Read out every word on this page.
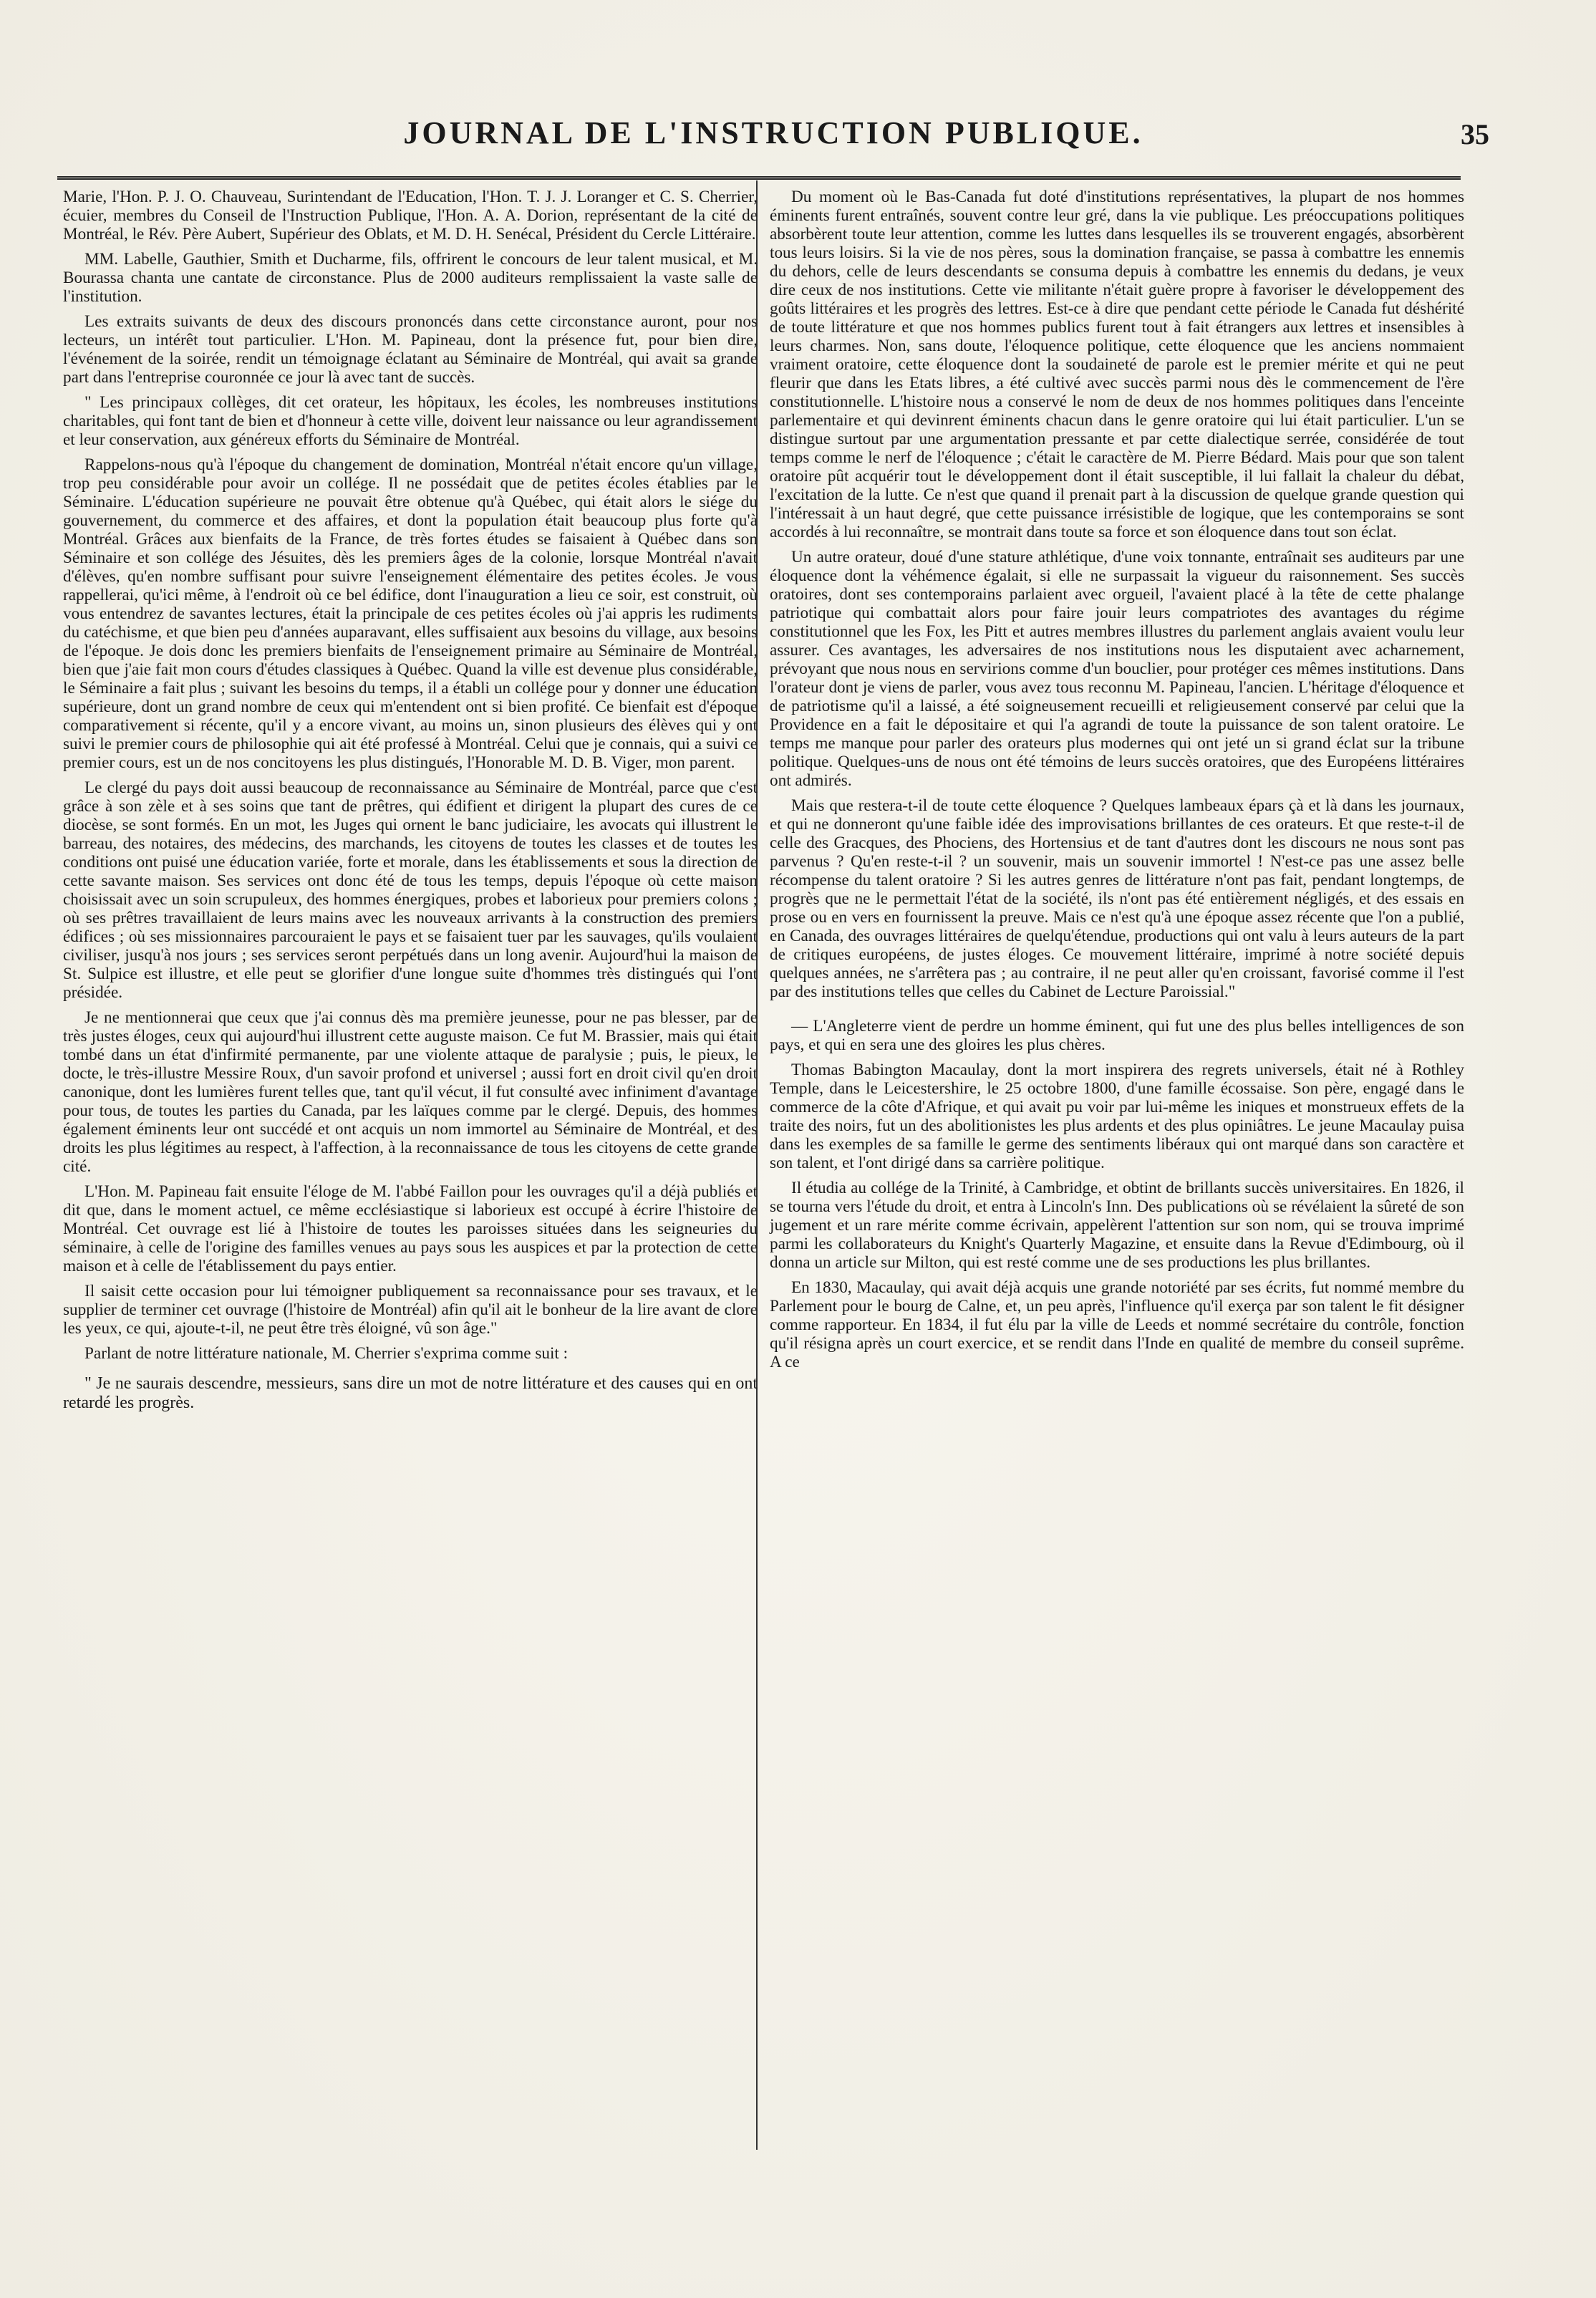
JOURNAL DE L'INSTRUCTION PUBLIQUE.	35

Marie, l'Hon. P. J. O. Chauveau, Surintendant de l'Education, l'Hon. T. J. J. Loranger et C. S. Cherrier, écuier, membres du Conseil de l'Instruction Publique, l'Hon. A. A. Dorion, représentant de la cité de Montréal, le Rév. Père Aubert, Supérieur des Oblats, et M. D. H. Senécal, Président du Cercle Littéraire.

MM. Labelle, Gauthier, Smith et Ducharme, fils, offrirent le concours de leur talent musical, et M. Bourassa chanta une cantate de circonstance. Plus de 2000 auditeurs remplissaient la vaste salle de l'institution.

Les extraits suivants de deux des discours prononcés dans cette circonstance auront, pour nos lecteurs, un intérêt tout particulier. L'Hon. M. Papineau, dont la présence fut, pour bien dire, l'événement de la soirée, rendit un témoignage éclatant au Séminaire de Montréal, qui avait sa grande part dans l'entreprise couronnée ce jour là avec tant de succès.

" Les principaux collèges, dit cet orateur, les hôpitaux, les écoles, les nombreuses institutions charitables, qui font tant de bien et d'honneur à cette ville, doivent leur naissance ou leur agrandissement et leur conservation, aux généreux efforts du Séminaire de Montréal.

Rappelons-nous qu'à l'époque du changement de domination, Montréal n'était encore qu'un village, trop peu considérable pour avoir un collége. Il ne possédait que de petites écoles établies par le Séminaire. L'éducation supérieure ne pouvait être obtenue qu'à Québec, qui était alors le siége du gouvernement, du commerce et des affaires, et dont la population était beaucoup plus forte qu'à Montréal. Grâces aux bienfaits de la France, de très fortes études se faisaient à Québec dans son Séminaire et son collége des Jésuites, dès les premiers âges de la colonie, lorsque Montréal n'avait d'élèves, qu'en nombre suffisant pour suivre l'enseignement élémentaire des petites écoles. Je vous rappellerai, qu'ici même, à l'endroit où ce bel édifice, dont l'inauguration a lieu ce soir, est construit, où vous entendrez de savantes lectures, était la principale de ces petites écoles où j'ai appris les rudiments du catéchisme, et que bien peu d'années auparavant, elles suffisaient aux besoins du village, aux besoins de l'époque. Je dois donc les premiers bienfaits de l'enseignement primaire au Séminaire de Montréal, bien que j'aie fait mon cours d'études classiques à Québec. Quand la ville est devenue plus considérable, le Séminaire a fait plus ; suivant les besoins du temps, il a établi un collége pour y donner une éducation supérieure, dont un grand nombre de ceux qui m'entendent ont si bien profité. Ce bienfait est d'époque comparativement si récente, qu'il y a encore vivant, au moins un, sinon plusieurs des élèves qui y ont suivi le premier cours de philosophie qui ait été professé à Montréal. Celui que je connais, qui a suivi ce premier cours, est un de nos concitoyens les plus distingués, l'Honorable M. D. B. Viger, mon parent.

Le clergé du pays doit aussi beaucoup de reconnaissance au Séminaire de Montréal, parce que c'est grâce à son zèle et à ses soins que tant de prêtres, qui édifient et dirigent la plupart des cures de ce diocèse, se sont formés. En un mot, les Juges qui ornent le banc judiciaire, les avocats qui illustrent le barreau, des notaires, des médecins, des marchands, les citoyens de toutes les classes et de toutes les conditions ont puisé une éducation variée, forte et morale, dans les établissements et sous la direction de cette savante maison. Ses services ont donc été de tous les temps, depuis l'époque où cette maison choisissait avec un soin scrupuleux, des hommes énergiques, probes et laborieux pour premiers colons ; où ses prêtres travaillaient de leurs mains avec les nouveaux arrivants à la construction des premiers édifices ; où ses missionnaires parcouraient le pays et se faisaient tuer par les sauvages, qu'ils voulaient civiliser, jusqu'à nos jours ; ses services seront perpétués dans un long avenir. Aujourd'hui la maison de St. Sulpice est illustre, et elle peut se glorifier d'une longue suite d'hommes très distingués qui l'ont présidée.

Je ne mentionnerai que ceux que j'ai connus dès ma première jeunesse, pour ne pas blesser, par de très justes éloges, ceux qui aujourd'hui illustrent cette auguste maison. Ce fut M. Brassier, mais qui était tombé dans un état d'infirmité permanente, par une violente attaque de paralysie ; puis, le pieux, le docte, le très-illustre Messire Roux, d'un savoir profond et universel ; aussi fort en droit civil qu'en droit canonique, dont les lumières furent telles que, tant qu'il vécut, il fut consulté avec infiniment d'avantage pour tous, de toutes les parties du Canada, par les laïques comme par le clergé. Depuis, des hommes également éminents leur ont succédé et ont acquis un nom immortel au Séminaire de Montréal, et des droits les plus légitimes au respect, à l'affection, à la reconnaissance de tous les citoyens de cette grande cité.

L'Hon. M. Papineau fait ensuite l'éloge de M. l'abbé Faillon pour les ouvrages qu'il a déjà publiés et dit que, dans le moment actuel, ce même ecclésiastique si laborieux est occupé à écrire l'histoire de Montréal. Cet ouvrage est lié à l'histoire de toutes les paroisses situées dans les seigneuries du séminaire, à celle de l'origine des familles venues au pays sous les auspices et par la protection de cette maison et à celle de l'établissement du pays entier.

Il saisit cette occasion pour lui témoigner publiquement sa reconnaissance pour ses travaux, et le supplier de terminer cet ouvrage (l'histoire de Montréal) afin qu'il ait le bonheur de la lire avant de clore les yeux, ce qui, ajoute-t-il, ne peut être très éloigné, vû son âge."

Parlant de notre littérature nationale, M. Cherrier s'exprima comme suit :

" Je ne saurais descendre, messieurs, sans dire un mot de notre littérature et des causes qui en ont retardé les progrès.

Du moment où le Bas-Canada fut doté d'institutions représentatives, la plupart de nos hommes éminents furent entraînés, souvent contre leur gré, dans la vie publique. Les préoccupations politiques absorbèrent toute leur attention, comme les luttes dans lesquelles ils se trouverent engagés, absorbèrent tous leurs loisirs. Si la vie de nos pères, sous la domination française, se passa à combattre les ennemis du dehors, celle de leurs descendants se consuma depuis à combattre les ennemis du dedans, je veux dire ceux de nos institutions. Cette vie militante n'était guère propre à favoriser le développement des goûts littéraires et les progrès des lettres. Est-ce à dire que pendant cette période le Canada fut déshérité de toute littérature et que nos hommes publics furent tout à fait étrangers aux lettres et insensibles à leurs charmes. Non, sans doute, l'éloquence politique, cette éloquence que les anciens nommaient vraiment oratoire, cette éloquence dont la soudaineté de parole est le premier mérite et qui ne peut fleurir que dans les Etats libres, a été cultivé avec succès parmi nous dès le commencement de l'ère constitutionnelle. L'histoire nous a conservé le nom de deux de nos hommes politiques dans l'enceinte parlementaire et qui devinrent éminents chacun dans le genre oratoire qui lui était particulier. L'un se distingue surtout par une argumentation pressante et par cette dialectique serrée, considérée de tout temps comme le nerf de l'éloquence ; c'était le caractère de M. Pierre Bédard. Mais pour que son talent oratoire pût acquérir tout le développement dont il était susceptible, il lui fallait la chaleur du débat, l'excitation de la lutte. Ce n'est que quand il prenait part à la discussion de quelque grande question qui l'intéressait à un haut degré, que cette puissance irrésistible de logique, que les contemporains se sont accordés à lui reconnaître, se montrait dans toute sa force et son éloquence dans tout son éclat.

Un autre orateur, doué d'une stature athlétique, d'une voix tonnante, entraînait ses auditeurs par une éloquence dont la véhémence égalait, si elle ne surpassait la vigueur du raisonnement. Ses succès oratoires, dont ses contemporains parlaient avec orgueil, l'avaient placé à la tête de cette phalange patriotique qui combattait alors pour faire jouir leurs compatriotes des avantages du régime constitutionnel que les Fox, les Pitt et autres membres illustres du parlement anglais avaient voulu leur assurer. Ces avantages, les adversaires de nos institutions nous les disputaient avec acharnement, prévoyant que nous nous en servirions comme d'un bouclier, pour protéger ces mêmes institutions. Dans l'orateur dont je viens de parler, vous avez tous reconnu M. Papineau, l'ancien. L'héritage d'éloquence et de patriotisme qu'il a laissé, a été soigneusement recueilli et religieusement conservé par celui que la Providence en a fait le dépositaire et qui l'a agrandi de toute la puissance de son talent oratoire. Le temps me manque pour parler des orateurs plus modernes qui ont jeté un si grand éclat sur la tribune politique. Quelques-uns de nous ont été témoins de leurs succès oratoires, que des Européens littéraires ont admirés.

Mais que restera-t-il de toute cette éloquence ? Quelques lambeaux épars çà et là dans les journaux, et qui ne donneront qu'une faible idée des improvisations brillantes de ces orateurs. Et que reste-t-il de celle des Gracques, des Phociens, des Hortensius et de tant d'autres dont les discours ne nous sont pas parvenus ? Qu'en reste-t-il ? un souvenir, mais un souvenir immortel ! N'est-ce pas une assez belle récompense du talent oratoire ? Si les autres genres de littérature n'ont pas fait, pendant longtemps, de progrès que ne le permettait l'état de la société, ils n'ont pas été entièrement négligés, et des essais en prose ou en vers en fournissent la preuve. Mais ce n'est qu'à une époque assez récente que l'on a publié, en Canada, des ouvrages littéraires de quelqu'étendue, productions qui ont valu à leurs auteurs de la part de critiques européens, de justes éloges. Ce mouvement littéraire, imprimé à notre société depuis quelques années, ne s'arrêtera pas ; au contraire, il ne peut aller qu'en croissant, favorisé comme il l'est par des institutions telles que celles du Cabinet de Lecture Paroissial."

— L'Angleterre vient de perdre un homme éminent, qui fut une des plus belles intelligences de son pays, et qui en sera une des gloires les plus chères.

Thomas Babington Macaulay, dont la mort inspirera des regrets universels, était né à Rothley Temple, dans le Leicestershire, le 25 octobre 1800, d'une famille écossaise. Son père, engagé dans le commerce de la côte d'Afrique, et qui avait pu voir par lui-même les iniques et monstrueux effets de la traite des noirs, fut un des abolitionistes les plus ardents et des plus opiniâtres. Le jeune Macaulay puisa dans les exemples de sa famille le germe des sentiments libéraux qui ont marqué dans son caractère et son talent, et l'ont dirigé dans sa carrière politique.

Il étudia au collége de la Trinité, à Cambridge, et obtint de brillants succès universitaires. En 1826, il se tourna vers l'étude du droit, et entra à Lincoln's Inn. Des publications où se révélaient la sûreté de son jugement et un rare mérite comme écrivain, appelèrent l'attention sur son nom, qui se trouva imprimé parmi les collaborateurs du Knight's Quarterly Magazine, et ensuite dans la Revue d'Edimbourg, où il donna un article sur Milton, qui est resté comme une de ses productions les plus brillantes.

En 1830, Macaulay, qui avait déjà acquis une grande notoriété par ses écrits, fut nommé membre du Parlement pour le bourg de Calne, et, un peu après, l'influence qu'il exerça par son talent le fit désigner comme rapporteur. En 1834, il fut élu par la ville de Leeds et nommé secrétaire du contrôle, fonction qu'il résigna après un court exercice, et se rendit dans l'Inde en qualité de membre du conseil suprême. A ce
